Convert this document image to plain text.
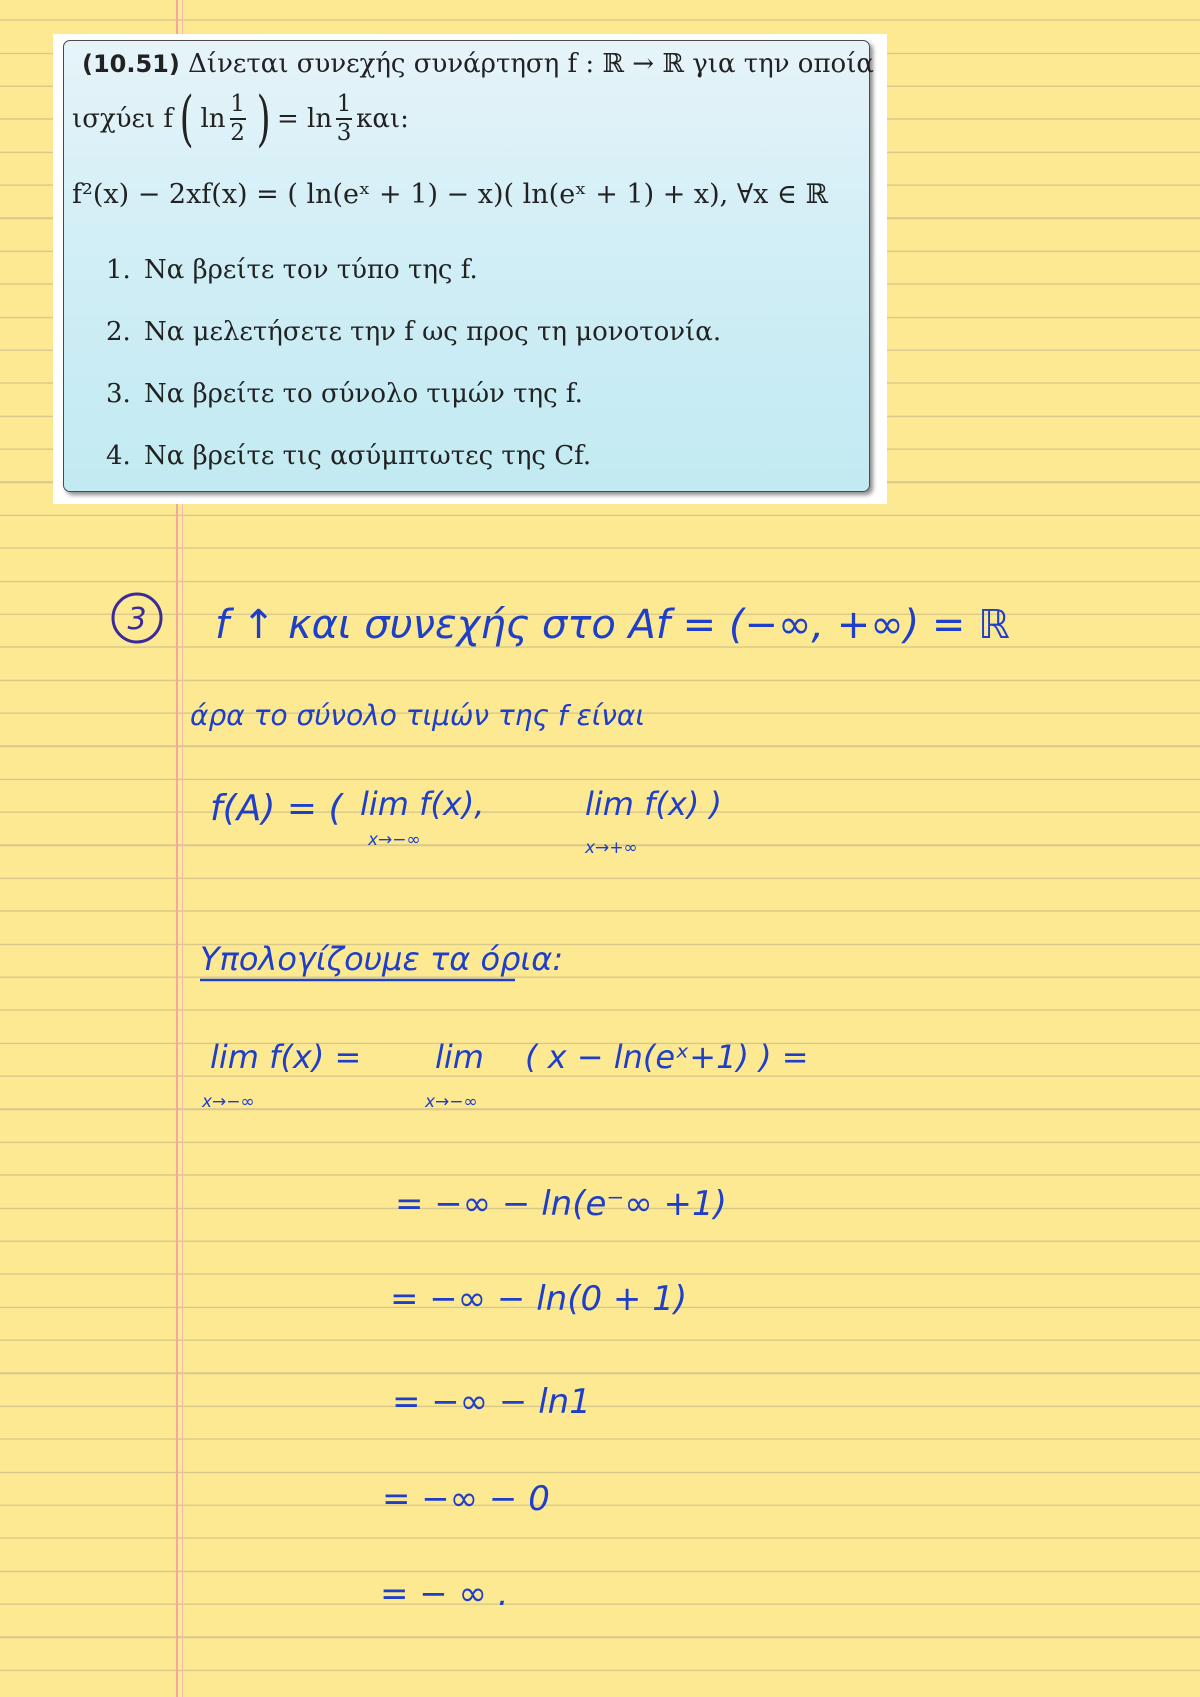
(10.51) Δίνεται συνεχής συνάρτηση f : ℝ → ℝ για την οποία
ισχύει f ( $\ln \frac{1}{2}$ ) = $\ln \frac{1}{3} \kappa\alpha\iota$:
f²(x) − 2xf(x) = ( ln(eˣ + 1) − x)( ln(eˣ + 1) + x), ∀x ∈ ℝ
1. Να βρείτε τον τύπο της f.
2. Να μελετήσετε την f ως προς τη μονοτονία.
3. Να βρείτε το σύνολο τιμών της f.
4. Να βρείτε τις ασύμπτωτες της Cf.
3 f ↑ και συνεχής στο Af = (−∞, +∞) = ℝ
άρα το σύνολο τιμών της f είναι
f(A) = ( lim f(x),
x→−∞
lim f(x) )
x→+∞
Υπολογίζουμε τα όρια:
lim f(x) =
x→−∞
lim
x→−∞
( x − ln(eˣ+1) ) =
= −∞ − ln(e⁻∞ +1)
= −∞ − ln(0 + 1)
= −∞ − ln1
= −∞ − 0
= − ∞ .
